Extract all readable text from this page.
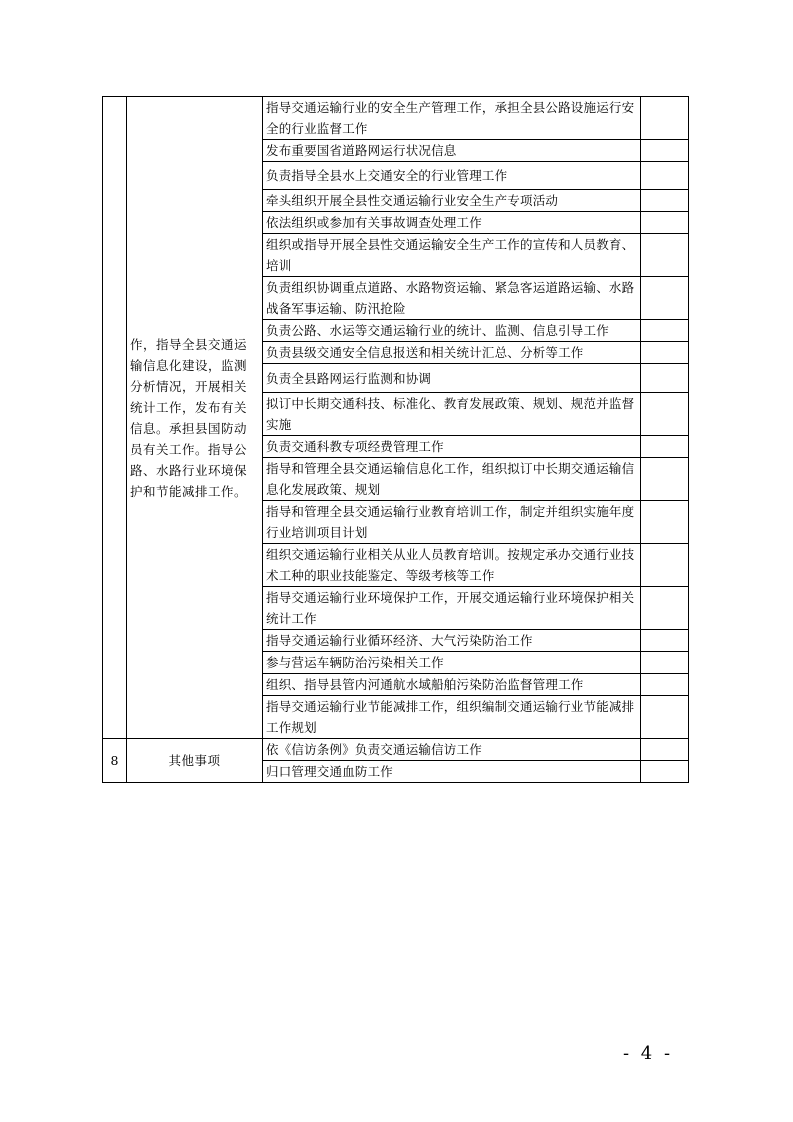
	作，指导全县交通运输信息化建设，监测分析情况，开展相关统计工作，发布有关信息。承担县国防动员有关工作。指导公路、水路行业环境保护和节能减排工作。	指导交通运输行业的安全生产管理工作，承担全县公路设施运行安全的行业监督工作	
		发布重要国省道路网运行状况信息	
		负责指导全县水上交通安全的行业管理工作	
		牵头组织开展全县性交通运输行业安全生产专项活动	
		依法组织或参加有关事故调查处理工作	
		组织或指导开展全县性交通运输安全生产工作的宣传和人员教育、培训	
		负责组织协调重点道路、水路物资运输、紧急客运道路运输、水路战备军事运输、防汛抢险	
		负责公路、水运等交通运输行业的统计、监测、信息引导工作	
		负责县级交通安全信息报送和相关统计汇总、分析等工作	
		负责全县路网运行监测和协调	
		拟订中长期交通科技、标准化、教育发展政策、规划、规范并监督实施	
		负责交通科教专项经费管理工作	
		指导和管理全县交通运输信息化工作，组织拟订中长期交通运输信息化发展政策、规划	
		指导和管理全县交通运输行业教育培训工作，制定并组织实施年度行业培训项目计划	
		组织交通运输行业相关从业人员教育培训。按规定承办交通行业技术工种的职业技能鉴定、等级考核等工作	
		指导交通运输行业环境保护工作，开展交通运输行业环境保护相关统计工作	
		指导交通运输行业循环经济、大气污染防治工作	
		参与营运车辆防治污染相关工作	
		组织、指导县管内河通航水域船舶污染防治监督管理工作	
		指导交通运输行业节能减排工作，组织编制交通运输行业节能减排工作规划	
8	其他事项	依《信访条例》负责交通运输信访工作	
		归口管理交通血防工作	
- 4 -
